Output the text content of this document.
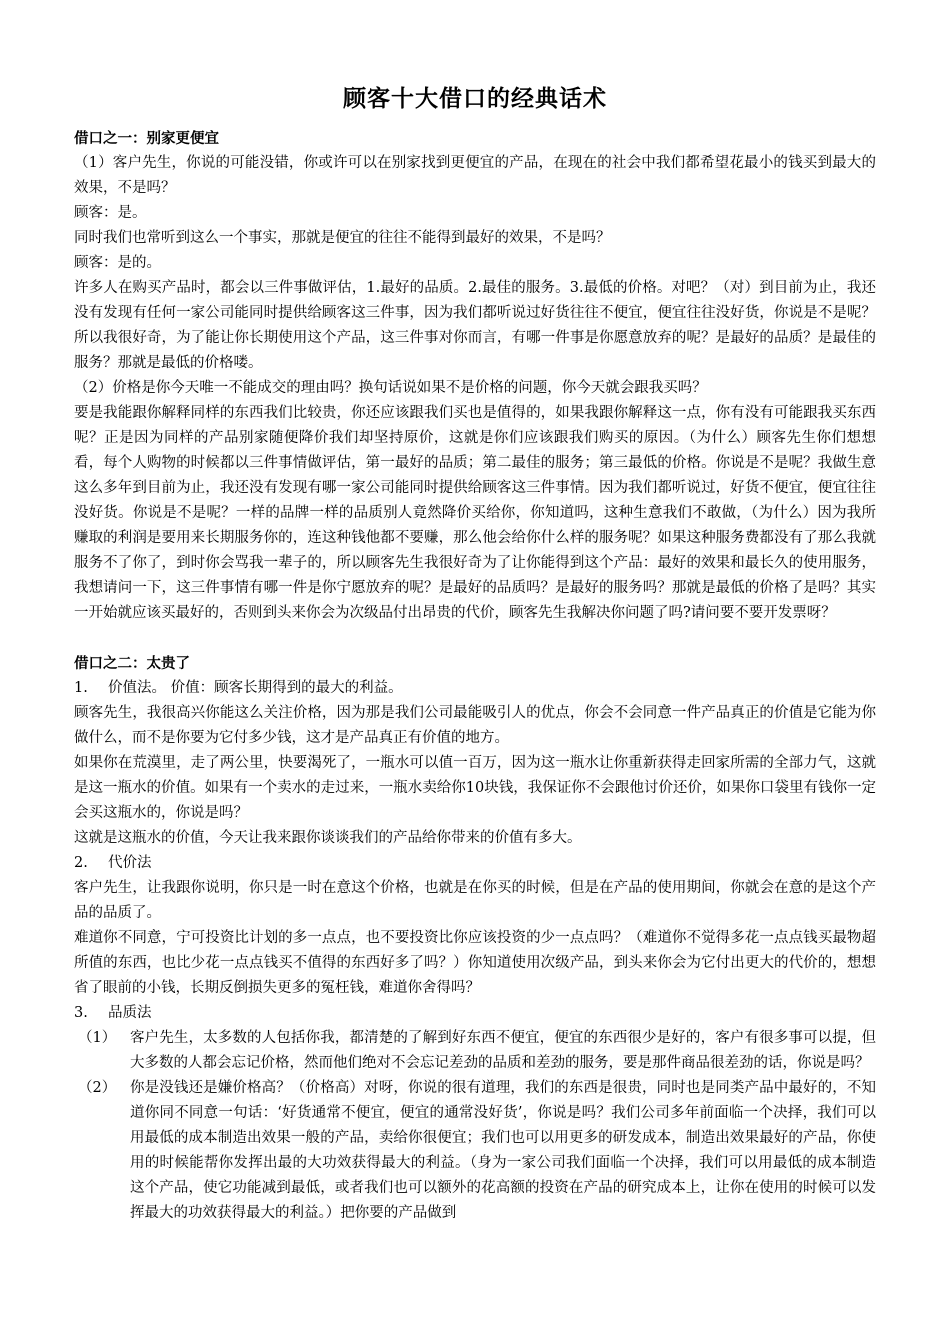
顾客十大借口的经典话术

借口之一：别家更便宜

（1）客户先生，你说的可能没错，你或许可以在别家找到更便宜的产品，在现在的社会中我们都希望花最小的钱买到最大的效果，不是吗？

顾客：是。

同时我们也常听到这么一个事实，那就是便宜的往往不能得到最好的效果，不是吗？

顾客：是的。

许多人在购买产品时，都会以三件事做评估，1.最好的品质。2.最佳的服务。3.最低的价格。对吧？（对）到目前为止，我还没有发现有任何一家公司能同时提供给顾客这三件事，因为我们都听说过好货往往不便宜，便宜往往没好货，你说是不是呢？所以我很好奇，为了能让你长期使用这个产品，这三件事对你而言，有哪一件事是你愿意放弃的呢？是最好的品质？是最佳的服务？那就是最低的价格喽。

（2）价格是你今天唯一不能成交的理由吗？换句话说如果不是价格的问题，你今天就会跟我买吗？

要是我能跟你解释同样的东西我们比较贵，你还应该跟我们买也是值得的，如果我跟你解释这一点，你有没有可能跟我买东西呢？正是因为同样的产品别家随便降价我们却坚持原价，这就是你们应该跟我们购买的原因。（为什么）顾客先生你们想想看，每个人购物的时候都以三件事情做评估，第一最好的品质；第二最佳的服务；第三最低的价格。你说是不是呢？我做生意这么多年到目前为止，我还没有发现有哪一家公司能同时提供给顾客这三件事情。因为我们都听说过，好货不便宜，便宜往往没好货。你说是不是呢？一样的品牌一样的品质别人竟然降价买给你，你知道吗，这种生意我们不敢做，（为什么）因为我所赚取的利润是要用来长期服务你的，连这种钱他都不要赚，那么他会给你什么样的服务呢？如果这种服务费都没有了那么我就服务不了你了，到时你会骂我一辈子的，所以顾客先生我很好奇为了让你能得到这个产品：最好的效果和最长久的使用服务，我想请问一下，这三件事情有哪一件是你宁愿放弃的呢？是最好的品质吗？是最好的服务吗？那就是最低的价格了是吗？其实一开始就应该买最好的，否则到头来你会为次级品付出昂贵的代价，顾客先生我解决你问题了吗?请问要不要开发票呀？

借口之二：太贵了

1.	价值法。 价值：顾客长期得到的最大的利益。

顾客先生，我很高兴你能这么关注价格，因为那是我们公司最能吸引人的优点，你会不会同意一件产品真正的价值是它能为你做什么，而不是你要为它付多少钱，这才是产品真正有价值的地方。

如果你在荒漠里，走了两公里，快要渴死了，一瓶水可以值一百万，因为这一瓶水让你重新获得走回家所需的全部力气，这就是这一瓶水的价值。如果有一个卖水的走过来，一瓶水卖给你10块钱，我保证你不会跟他讨价还价，如果你口袋里有钱你一定会买这瓶水的，你说是吗？

这就是这瓶水的价值，今天让我来跟你谈谈我们的产品给你带来的价值有多大。

2.	代价法

客户先生，让我跟你说明，你只是一时在意这个价格，也就是在你买的时候，但是在产品的使用期间，你就会在意的是这个产品的品质了。

难道你不同意，宁可投资比计划的多一点点，也不要投资比你应该投资的少一点点吗？（难道你不觉得多花一点点钱买最物超所值的东西，也比少花一点点钱买不值得的东西好多了吗？）你知道使用次级产品，到头来你会为它付出更大的代价的，想想省了眼前的小钱，长期反倒损失更多的冤枉钱，难道你舍得吗？

3.	品质法
（1） 客户先生，太多数的人包括你我，都清楚的了解到好东西不便宜，便宜的东西很少是好的，客户有很多事可以提，但大多数的人都会忘记价格，然而他们绝对不会忘记差劲的品质和差劲的服务，要是那件商品很差劲的话，你说是吗？
（2） 你是没钱还是嫌价格高？（价格高）对呀，你说的很有道理，我们的东西是很贵，同时也是同类产品中最好的，不知道你同不同意一句话：‘好货通常不便宜，便宜的通常没好货’，你说是吗？我们公司多年前面临一个决择，我们可以用最低的成本制造出效果一般的产品，卖给你很便宜；我们也可以用更多的研发成本，制造出效果最好的产品，你使用的时候能帮你发挥出最的大功效获得最大的利益。（身为一家公司我们面临一个决择，我们可以用最低的成本制造这个产品，使它功能减到最低，或者我们也可以额外的花高额的投资在产品的研究成本上，让你在使用的时候可以发挥最大的功效获得最大的利益。）把你要的产品做到
